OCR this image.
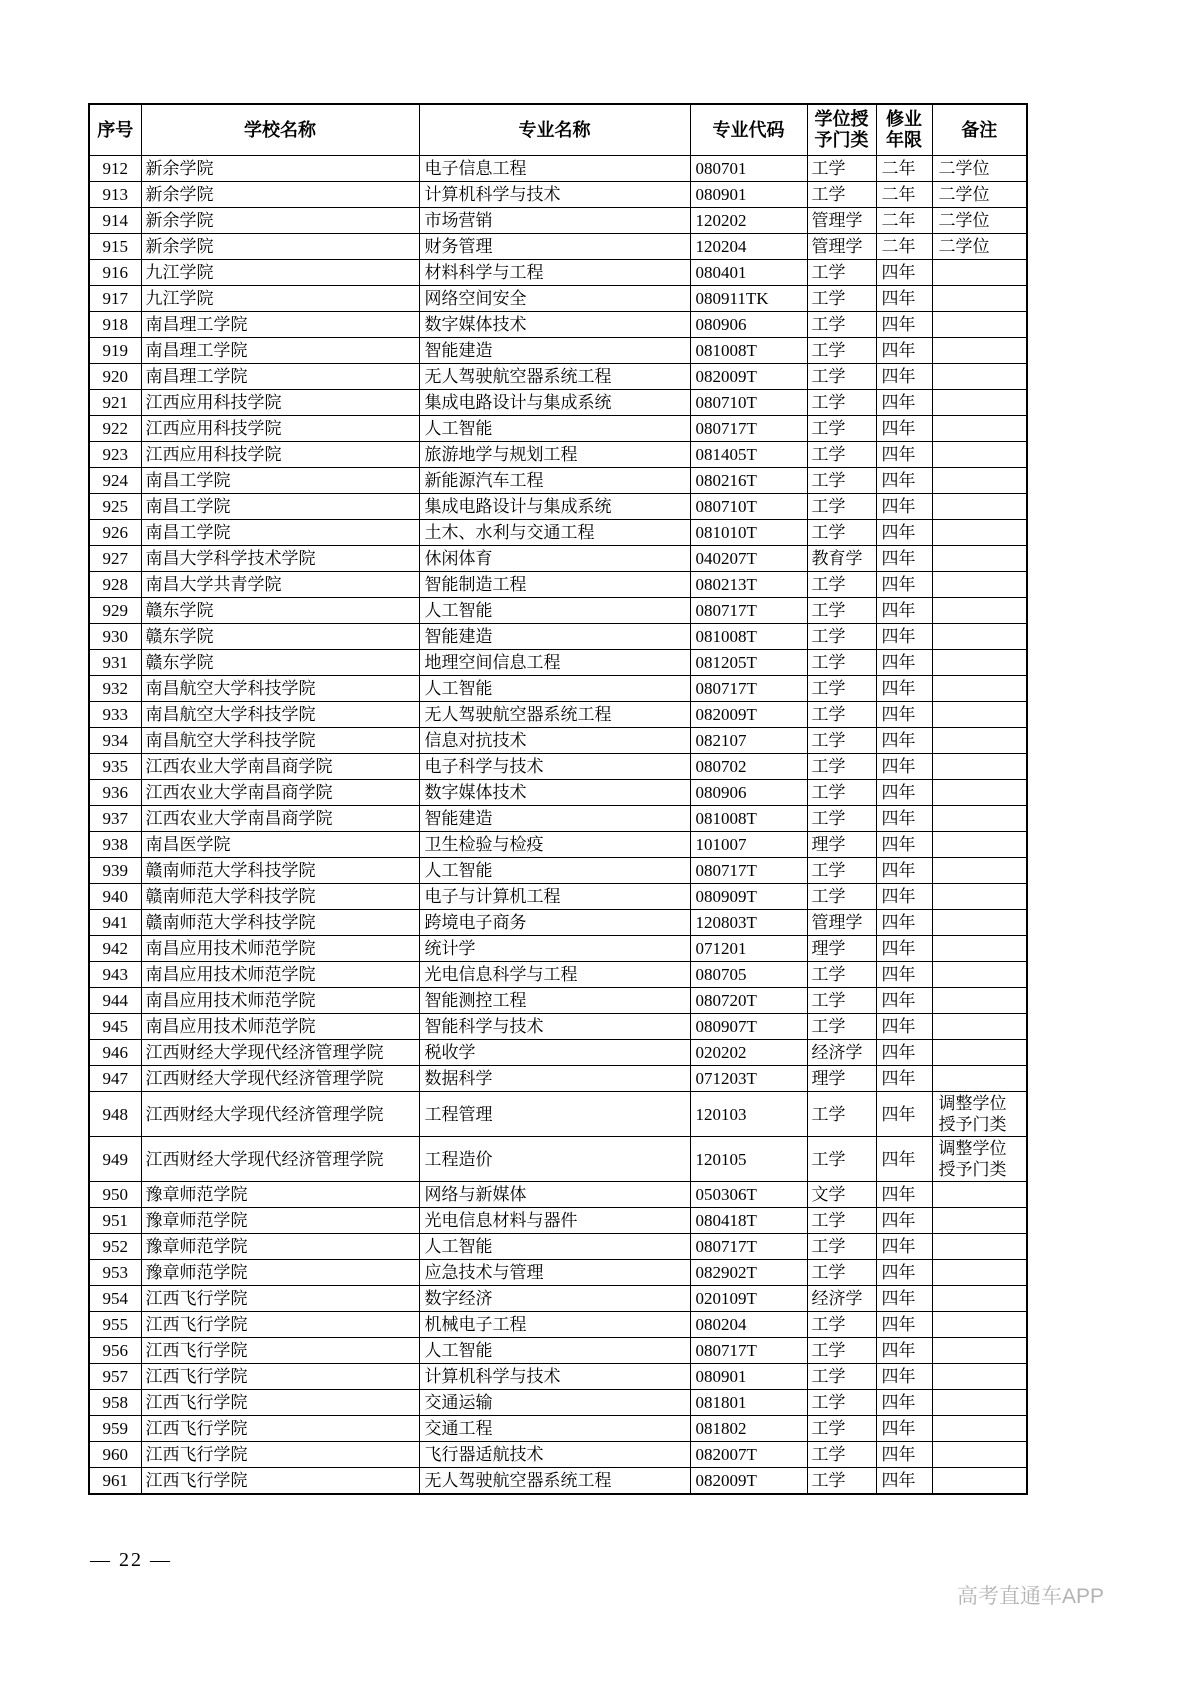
序号	学校名称	专业名称	专业代码	学位授予门类	修业年限	备注
912	新余学院	电子信息工程	080701	工学	二年	二学位
913	新余学院	计算机科学与技术	080901	工学	二年	二学位
914	新余学院	市场营销	120202	管理学	二年	二学位
915	新余学院	财务管理	120204	管理学	二年	二学位
916	九江学院	材料科学与工程	080401	工学	四年	
917	九江学院	网络空间安全	080911TK	工学	四年	
918	南昌理工学院	数字媒体技术	080906	工学	四年	
919	南昌理工学院	智能建造	081008T	工学	四年	
920	南昌理工学院	无人驾驶航空器系统工程	082009T	工学	四年	
921	江西应用科技学院	集成电路设计与集成系统	080710T	工学	四年	
922	江西应用科技学院	人工智能	080717T	工学	四年	
923	江西应用科技学院	旅游地学与规划工程	081405T	工学	四年	
924	南昌工学院	新能源汽车工程	080216T	工学	四年	
925	南昌工学院	集成电路设计与集成系统	080710T	工学	四年	
926	南昌工学院	土木、水利与交通工程	081010T	工学	四年	
927	南昌大学科学技术学院	休闲体育	040207T	教育学	四年	
928	南昌大学共青学院	智能制造工程	080213T	工学	四年	
929	赣东学院	人工智能	080717T	工学	四年	
930	赣东学院	智能建造	081008T	工学	四年	
931	赣东学院	地理空间信息工程	081205T	工学	四年	
932	南昌航空大学科技学院	人工智能	080717T	工学	四年	
933	南昌航空大学科技学院	无人驾驶航空器系统工程	082009T	工学	四年	
934	南昌航空大学科技学院	信息对抗技术	082107	工学	四年	
935	江西农业大学南昌商学院	电子科学与技术	080702	工学	四年	
936	江西农业大学南昌商学院	数字媒体技术	080906	工学	四年	
937	江西农业大学南昌商学院	智能建造	081008T	工学	四年	
938	南昌医学院	卫生检验与检疫	101007	理学	四年	
939	赣南师范大学科技学院	人工智能	080717T	工学	四年	
940	赣南师范大学科技学院	电子与计算机工程	080909T	工学	四年	
941	赣南师范大学科技学院	跨境电子商务	120803T	管理学	四年	
942	南昌应用技术师范学院	统计学	071201	理学	四年	
943	南昌应用技术师范学院	光电信息科学与工程	080705	工学	四年	
944	南昌应用技术师范学院	智能测控工程	080720T	工学	四年	
945	南昌应用技术师范学院	智能科学与技术	080907T	工学	四年	
946	江西财经大学现代经济管理学院	税收学	020202	经济学	四年	
947	江西财经大学现代经济管理学院	数据科学	071203T	理学	四年	
948	江西财经大学现代经济管理学院	工程管理	120103	工学	四年	调整学位授予门类
949	江西财经大学现代经济管理学院	工程造价	120105	工学	四年	调整学位授予门类
950	豫章师范学院	网络与新媒体	050306T	文学	四年	
951	豫章师范学院	光电信息材料与器件	080418T	工学	四年	
952	豫章师范学院	人工智能	080717T	工学	四年	
953	豫章师范学院	应急技术与管理	082902T	工学	四年	
954	江西飞行学院	数字经济	020109T	经济学	四年	
955	江西飞行学院	机械电子工程	080204	工学	四年	
956	江西飞行学院	人工智能	080717T	工学	四年	
957	江西飞行学院	计算机科学与技术	080901	工学	四年	
958	江西飞行学院	交通运输	081801	工学	四年	
959	江西飞行学院	交通工程	081802	工学	四年	
960	江西飞行学院	飞行器适航技术	082007T	工学	四年	
961	江西飞行学院	无人驾驶航空器系统工程	082009T	工学	四年	
— 22 —
高考直通车APP
